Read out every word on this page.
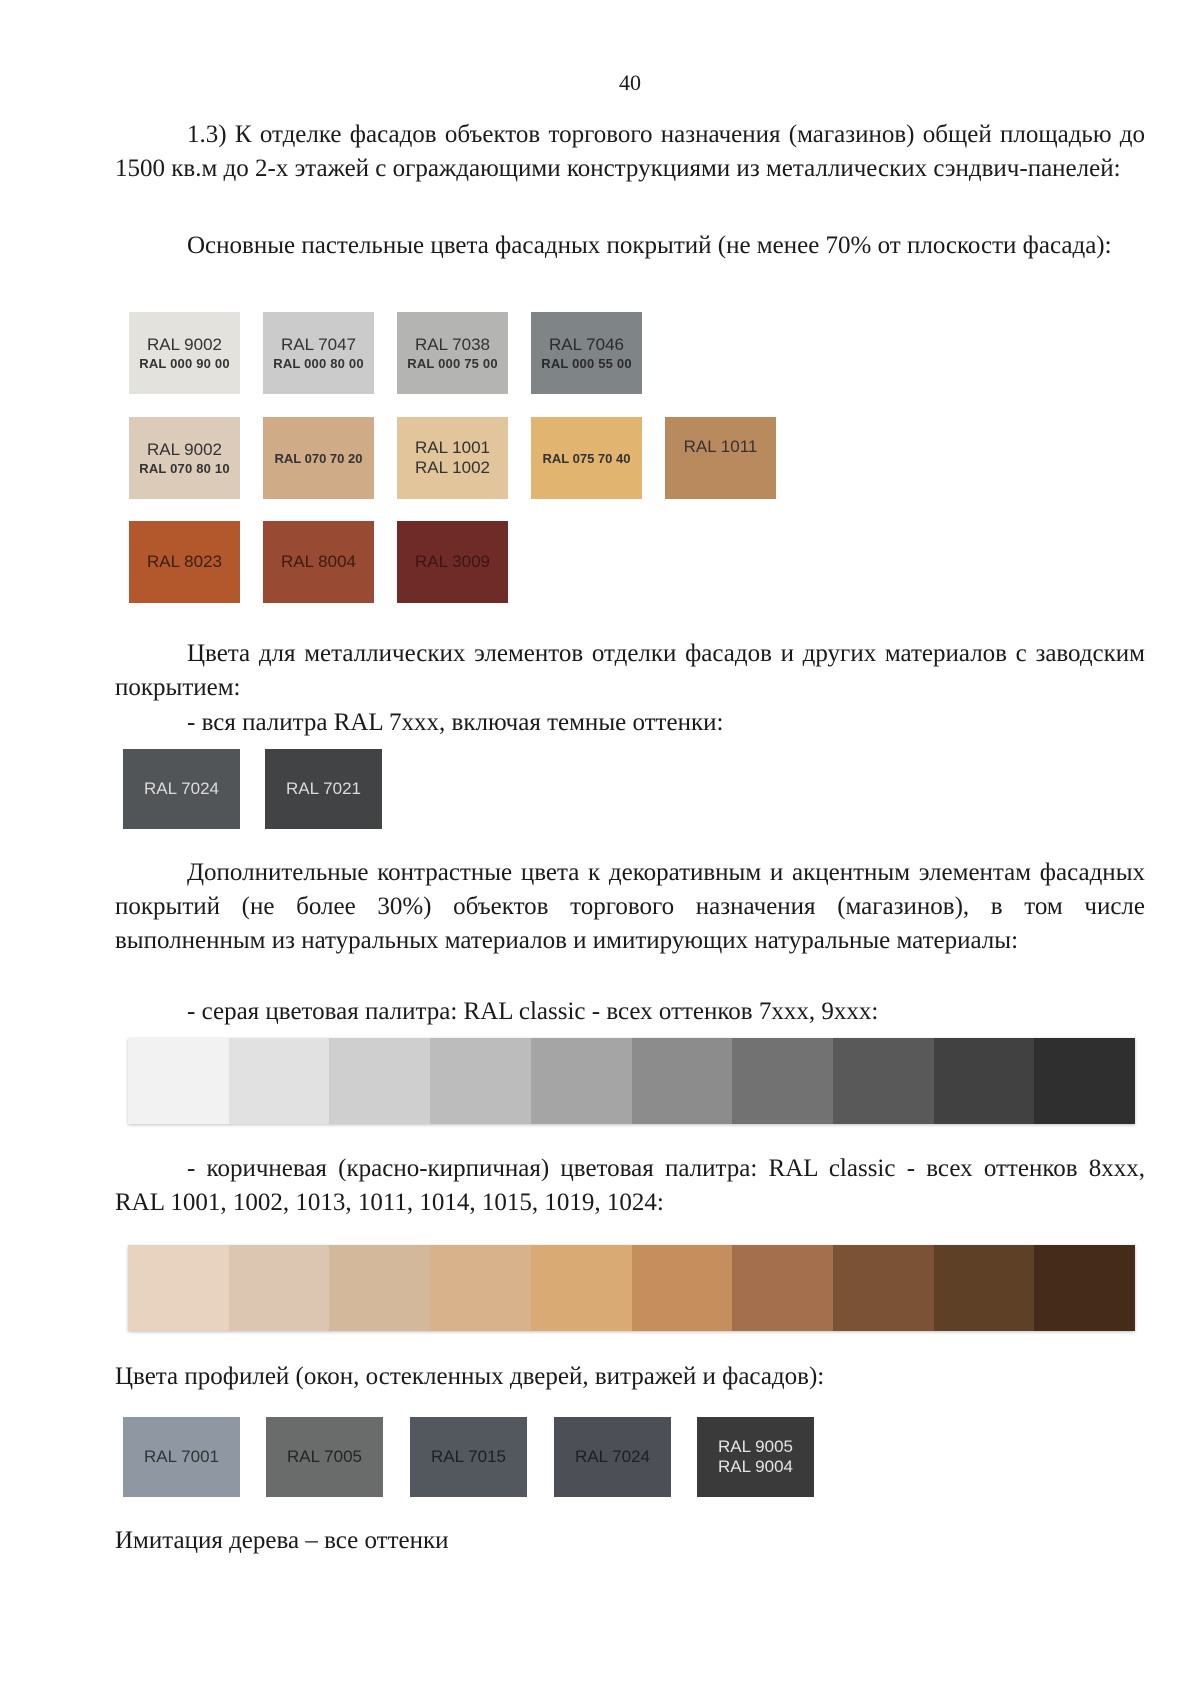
40

1.3) К отделке фасадов объектов торгового назначения (магазинов) общей площадью до 1500 кв.м до 2-х этажей с ограждающими конструкциями из металлических сэндвич-панелей:

Основные пастельные цвета фасадных покрытий (не менее 70% от плоскости фасада):

RAL 9002
RAL 000 90 00
RAL 7047
RAL 000 80 00
RAL 7038
RAL 000 75 00
RAL 7046
RAL 000 55 00
RAL 9002
RAL 070 80 10
RAL 070 70 20
RAL 1001
RAL 1002	RAL 075 70 40
RAL 1011
RAL 8023	RAL 8004	RAL 3009

Цвета для металлических элементов отделки фасадов и других материалов с заводским покрытием:

- вся палитра RAL 7xxx, включая темные оттенки:

RAL 7024	RAL 7021

Дополнительные контрастные цвета к декоративным и акцентным элементам фасадных покрытий (не более 30%) объектов торгового назначения (магазинов), в том числе выполненным из натуральных материалов и имитирующих натуральные материалы:

- серая цветовая палитра: RAL classic - всех оттенков 7xxx, 9xxx:

- коричневая (красно-кирпичная) цветовая палитра: RAL classic - всех оттенков 8xxx, RAL 1001, 1002, 1013, 1011, 1014, 1015, 1019, 1024:

Цвета профилей (окон, остекленных дверей, витражей и фасадов):

RAL 7001	RAL 7005	RAL 7015	RAL 7024
RAL 9005
RAL 9004

Имитация дерева – все оттенки
